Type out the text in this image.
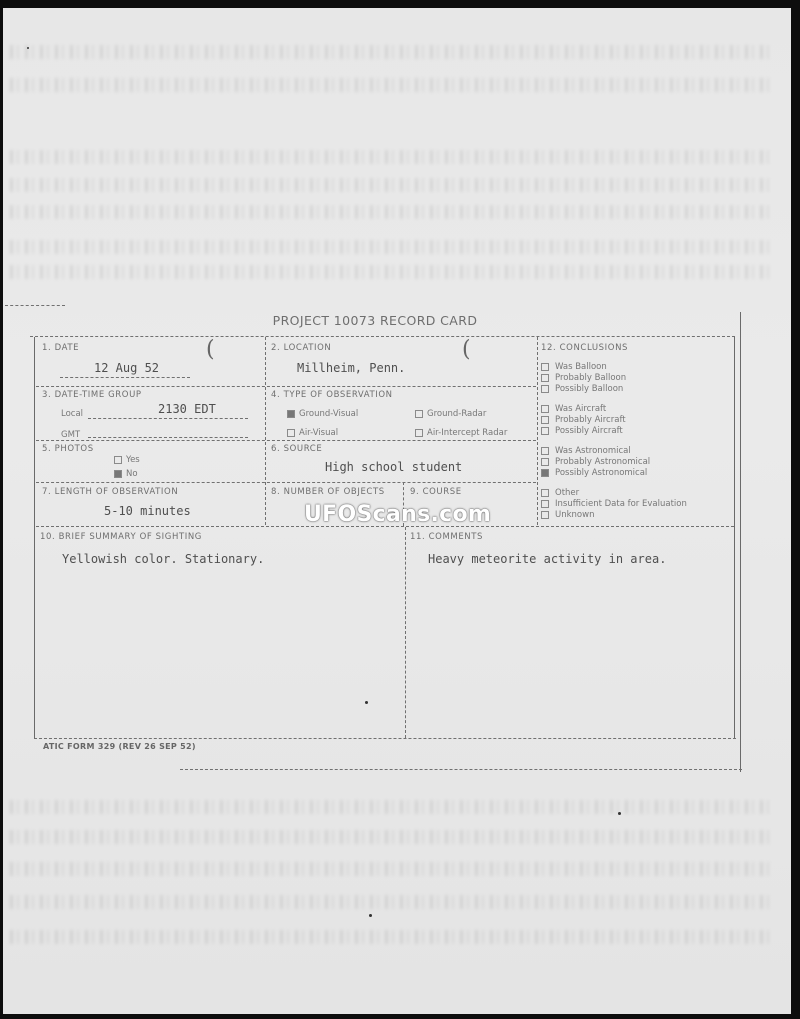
PROJECT 10073 RECORD CARD
1. DATE
12 Aug 52
(	2. LOCATION
Millheim, Penn.
(
3. DATE-TIME GROUP
Local	2130 EDT
GMT
4. TYPE OF OBSERVATION
Ground-Visual	Ground-Radar
Air-Visual	Air-Intercept Radar
5. PHOTOS
Yes
No
6. SOURCE
High school student
7. LENGTH OF OBSERVATION
5-10 minutes
8. NUMBER OF OBJECTS	9. COURSE
12. CONCLUSIONS
Was Balloon
Probably Balloon
Possibly Balloon
Was Aircraft
Probably Aircraft
Possibly Aircraft
Was Astronomical
Probably Astronomical
Possibly Astronomical
Other
Insufficient Data for Evaluation
Unknown
10. BRIEF SUMMARY OF SIGHTING
Yellowish color. Stationary.
11. COMMENTS
Heavy meteorite activity in area.
ATIC FORM 329 (REV 26 SEP 52)
UFOScans.com
